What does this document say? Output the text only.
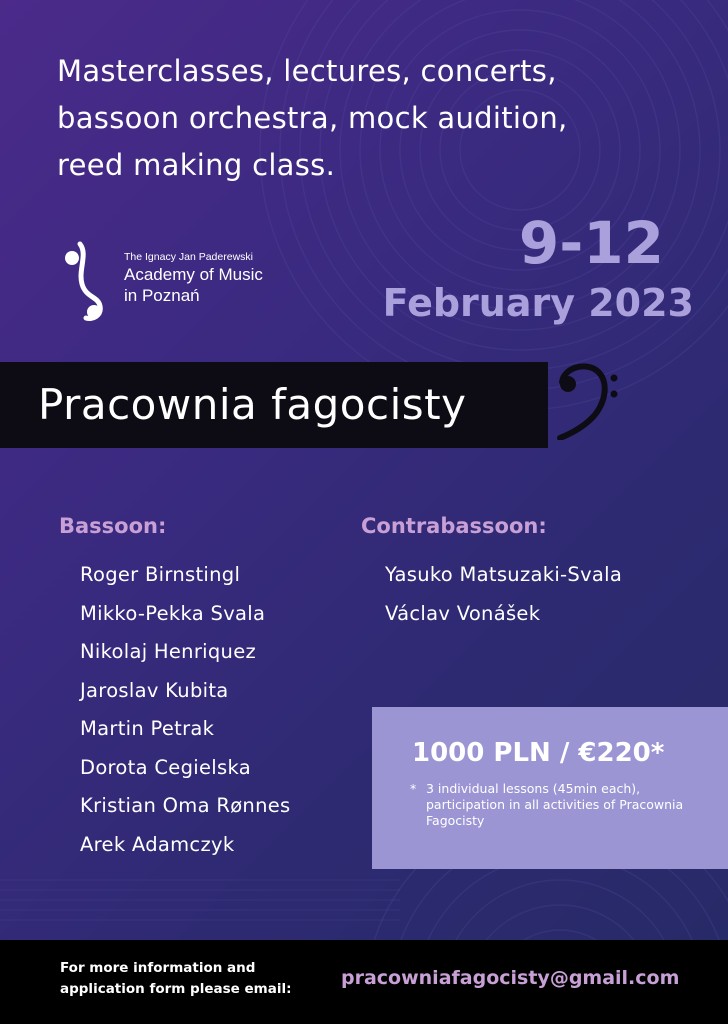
Masterclasses, lectures, concerts,
bassoon orchestra, mock audition,
reed making class.
The Ignacy Jan Paderewski
Academy of Music
in Poznań
9-12
February 2023
Pracownia fagocisty
Bassoon:
Roger Birnstingl
Mikko-Pekka Svala
Nikolaj Henriquez
Jaroslav Kubita
Martin Petrak
Dorota Cegielska
Kristian Oma Rønnes
Arek Adamczyk
Contrabassoon:
Yasuko Matsuzaki-Svala
Václav Vonášek

1000 PLN / €220*

* 3 individual lessons (45min each), participation in all activities of Pracownia Fagocisty
For more information and
application form please email:	pracowniafagocisty@gmail.com
